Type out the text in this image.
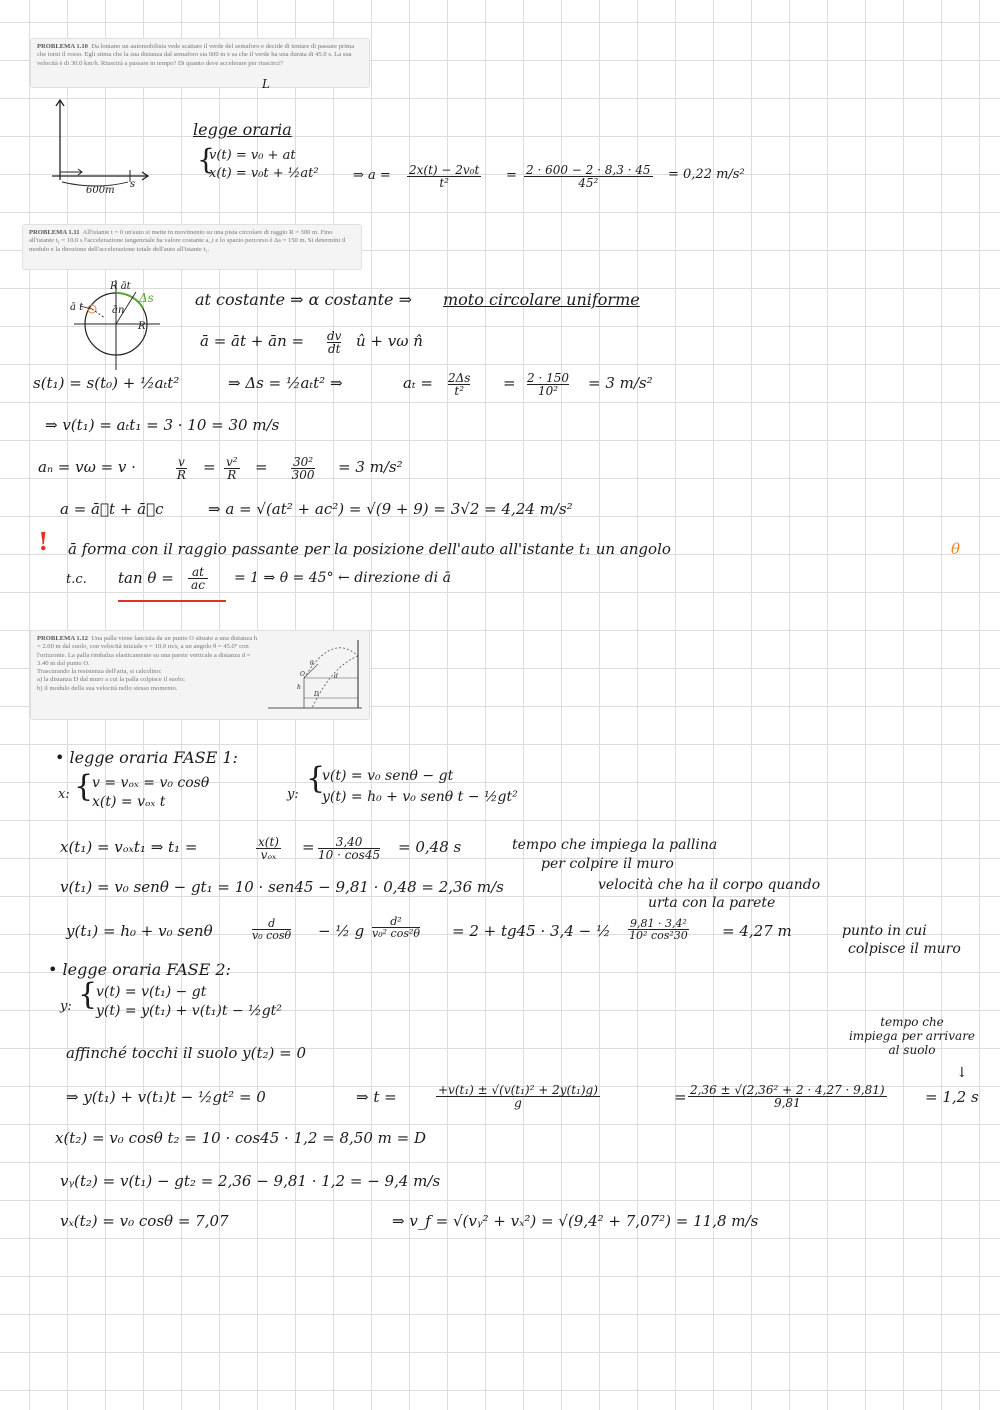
PROBLEMA 1.10 Da lontano un automobilista vede scattare il verde del semaforo e decide di tentare di passare prima che torni il rosso. Egli stima che la sua distanza dal semaforo sia 600 m e sa che il verde ha una durata di 45.0 s. La sua velocità è di 30.0 km/h. Riuscirà a passare in tempo? Di quanto deve accelerare per riuscirci?

L
600m
s
legge oraria
{
v(t) = v₀ + at
x(t) = v₀t + ½at²	⇒ $a = \frac{\text{2x(t) − 2v₀t}}{\text{t²}} = \frac{2 \cdot 600 - 2 \cdot 8,3 \cdot 45}{\text{45²}} = 0,22$ m/s²

PROBLEMA 1.11 All'istante t = 0 un'auto si mette in movimento su una pista circolare di raggio R = 300 m. Fino all'istante t₁ = 10.0 s l'accelerazione tangenziale ha valore costante a_t e lo spazio percorso è Δs = 150 m. Si determini il modulo e la direzione dell'accelerazione totale dell'auto all'istante t₁.

ā t
R āt
ān
Δs
R
at costante ⇒ α costante ⇒ moto circolare uniforme
ā = āt + ān = $\frac{dv}{dt}$ û + vω n̂
s(t₁) = s(t₀) + ½aₜt²	⇒ Δs = ½aₜt² ⇒	$a_t = \frac{2\Delta s}{\text{t²}} = \frac{2 \cdot 150}{\text{10²}} = 3$ m/s²
⇒ v(t₁) = aₜt₁ = 3 · 10 = 30 m/s
aₙ = vω = v ·	$\frac{v}{R} = \frac{\text{v²}}{R} = \frac{\text{30²}}{300} = 3$ m/s²
a = ā⃗t + ā⃗c	⇒ a = √(at² + ac²) = √(9 + 9) = 3√2 = 4,24 m/s²
! ā forma con il raggio passante per la posizione dell'auto all'istante t₁ un angolo	θ
t.c. $\tan \theta = \frac{at}{ac} = 1$ ⇒ θ = 45° ← direzione di ā

PROBLEMA 1.12 Una palla viene lanciata da un punto O situato a una distanza h = 2.00 m dal suolo, con velocità iniziale v = 10.0 m/s, a un angolo θ = 45.0° con l'orizzonte. La palla rimbalza elasticamente su una parete verticale a distanza d = 3.40 m dal punto O.

Trascurando la resistenza dell'aria, si calcolino:

a) la distanza D dal muro a cui la palla colpisce il suolo;

b) il modulo della sua velocità nello stesso momento.	h
d
D
θ
O
• legge oraria FASE 1:
x: {
v = vₒₓ = v₀ cosθ
x(t) = vₒₓ t	y: {
v(t) = v₀ senθ − gt
y(t) = h₀ + v₀ senθ t − ½gt²
x(t₁) = vₒₓt₁ ⇒ t₁ =	x(t)
vₒₓ	= $\frac{3,40}{10 \cdot \cos 45} = 0,48$ s	tempo che impiega la pallina
per colpire il muro
v(t₁) = v₀ senθ − gt₁ = 10 · sen45 − 9,81 · 0,48 = 2,36 m/s	velocità che ha il corpo quando
urta con la parete
y(t₁) = h₀ + v₀ senθ	$\frac{d}{\text{v₀ cosθ}}$ − ½ g $\frac{\text{d²}}{\text{v₀² cos²θ}} = 2 + tg45 \cdot 3,4$ − ½ $\frac{\text{9,81 · 3,4²}}{\text{10² cos²30}} = 4,27$ m	punto in cui
colpisce il muro
• legge oraria FASE 2:
y: {
v(t) = v(t₁) − gt
y(t) = y(t₁) + v(t₁)t − ½gt²
tempo che
impiega per arrivare
al suolo
↓
affinché tocchi il suolo y(t₂) = 0
⇒ y(t₁) + v(t₁)t − ½gt² = 0	⇒ t =	$\frac{\text{+v(t₁) ± √(v(t₁)² + 2y(t₁)g)}}{g}$	= $\frac{\text{2,36 ± √(2,36² + 2 · 4,27 · 9,81)}}{9,81}$	= 1,2 s
x(t₂) = v₀ cosθ t₂ = 10 · cos45 · 1,2 = 8,50 m = D
vᵧ(t₂) = v(t₁) − gt₂ = 2,36 − 9,81 · 1,2 = − 9,4 m/s
vₓ(t₂) = v₀ cosθ = 7,07	⇒ v_f = √(vᵧ² + vₓ²) = √(9,4² + 7,07²) = 11,8 m/s
